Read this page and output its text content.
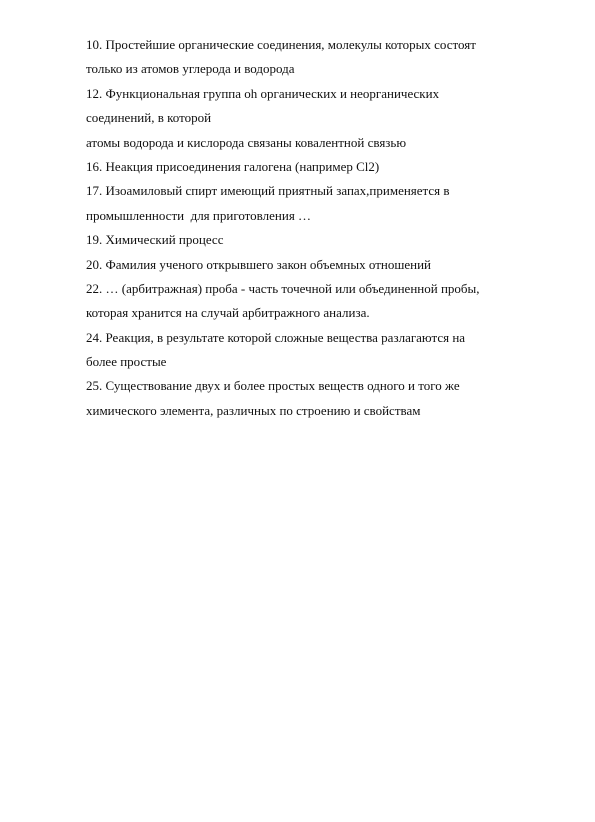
10. Простейшие органические соединения, молекулы которых состоят
только из атомов углерода и водорода
12. Функциональная группа oh органических и неорганических
соединений, в которой
атомы водорода и кислорода связаны ковалентной связью
16. Неакция присоединения галогена (например Cl2)
17. Изоамиловый спирт имеющий приятный запах,применяется в
промышленности  для приготовления …
19. Химический процесс
20. Фамилия ученого открывшего закон объемных отношений
22. … (арбитражная) проба - часть точечной или объединенной пробы,
которая хранится на случай арбитражного анализа.
24. Реакция, в результате которой сложные вещества разлагаются на
более простые
25. Существование двух и более простых веществ одного и того же
химического элемента, различных по строению и свойствам
